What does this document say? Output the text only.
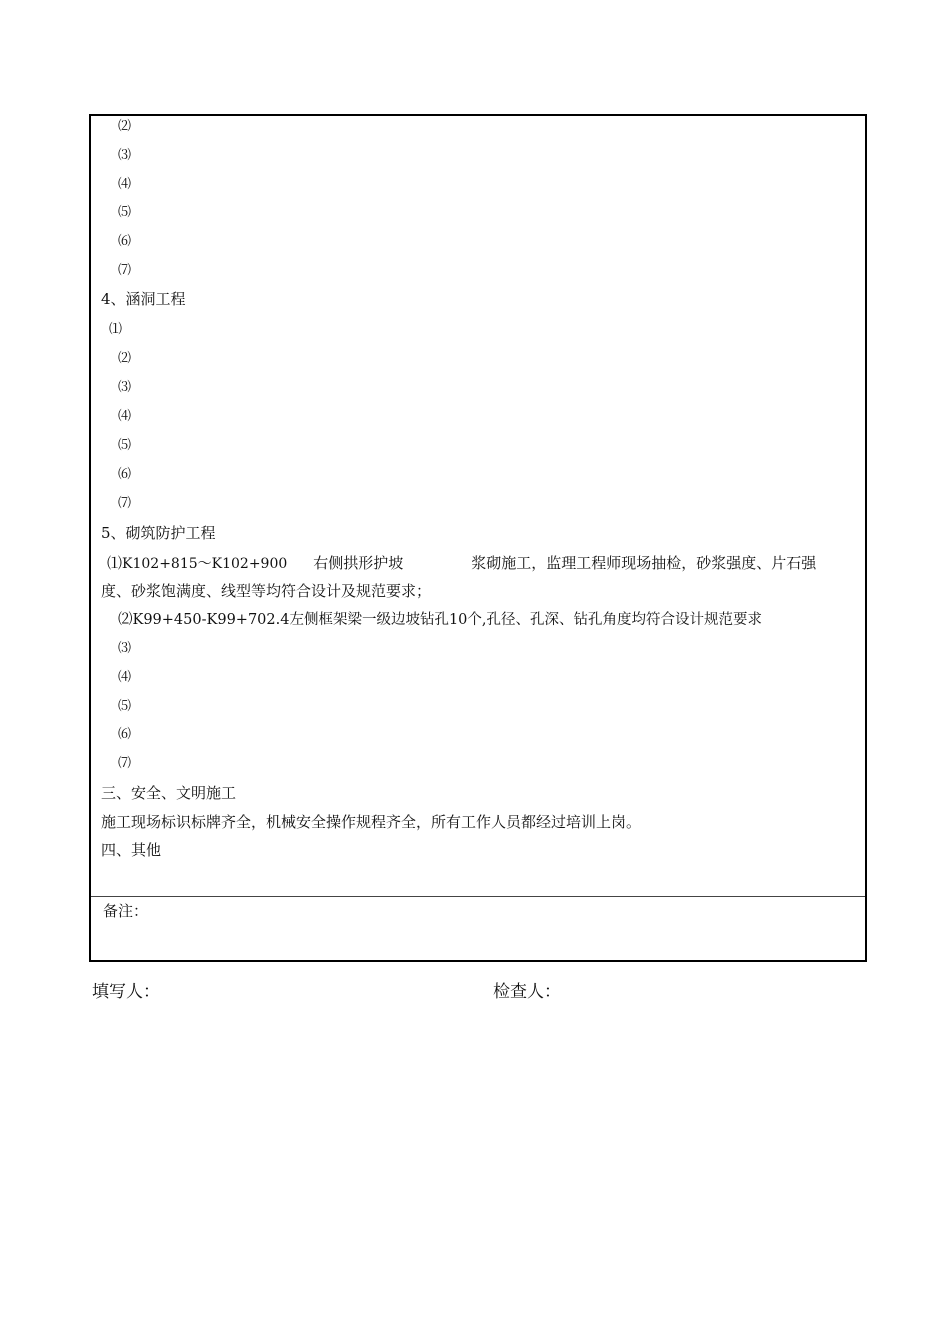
⑵
⑶
⑷
⑸
⑹
⑺
4、涵洞工程
⑴
⑵
⑶
⑷
⑸
⑹
⑺
5、砌筑防护工程
⑴K102+815～K102+900 右侧拱形护坡	浆砌施工，监理工程师现场抽检，砂浆强度、片石强
度、砂浆饱满度、线型等均符合设计及规范要求；
⑵K99+450-K99+702.4左侧框架梁一级边坡钻孔10个,孔径、孔深、钻孔角度均符合设计规范要求
⑶
⑷
⑸
⑹
⑺
三、安全、文明施工
施工现场标识标牌齐全，机械安全操作规程齐全，所有工作人员都经过培训上岗。
四、其他
备注：
填写人：	检查人：
